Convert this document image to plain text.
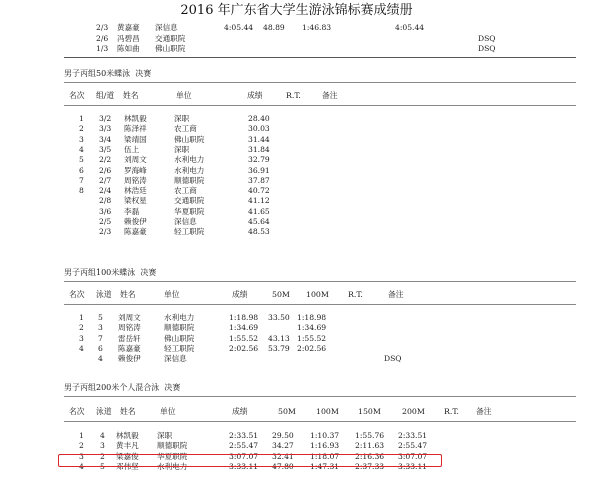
2016 年广东省大学生游泳锦标赛成绩册
2/3 黄嘉豪 深信息	4:05.44 48.89 1:46.83	4:05.44
2/6 冯碧昌 交通职院	DSQ
1/3 陈如曲 佛山职院	DSQ
男子丙组50米蝶泳  决赛
名次 组/道 姓名	单位	成绩	R.T.	备注
1 3/2 林凯毅	深职	28.40
2 3/3 陈泽祥	农工商	30.03
3 3/4 梁靖国	佛山职院	31.44
4 3/5 伍上	深职	31.84
5 2/2 刘周文	水利电力	32.79
6 2/6 罗海峰	水利电力	36.91
7 2/7 周铭涛	顺德职院	37.87
8 2/4 林浩廷	农工商	40.72
2/8 梁权星	交通职院	41.12
3/6 李磊	华夏职院	41.65
2/5 赖俊伊	深信息	45.64
2/3 陈嘉豪	轻工职院	48.53
男子丙组100米蝶泳  决赛
名次 泳道 姓名	单位	成绩	50M 100M R.T.	备注
1 5 刘周文	水利电力	1:18.98 33.50 1:18.98
2 3 周铭涛	顺德职院	1:34.69	1:34.69
3 7 雷岳轩	佛山职院	1:55.52 43.13 1:55.52
4 6 陈嘉豪	轻工职院	2:02.56 53.79 2:02.56
4 赖俊伊	深信息	DSQ
男子丙组200米个人混合泳  决赛
名次 泳道 姓名	单位	成绩	50M	100M 150M	200M R.T. 备注
1 4 林凯毅 深职	2:33.51 29.50 1:10.37 1:55.76 2:33.51
2 3 黄丰凡 顺德职院	2:55.47 34.27 1:16.93 2:11.63 2:55.47
3 2 梁嘉俊 华夏职院	3:07.07 32.41 1:18.07 2:16.36 3:07.07
4 5 邓伟坚 水利电力	3:33.11 47.80 1:47.31 2:37.33 3:33.11
